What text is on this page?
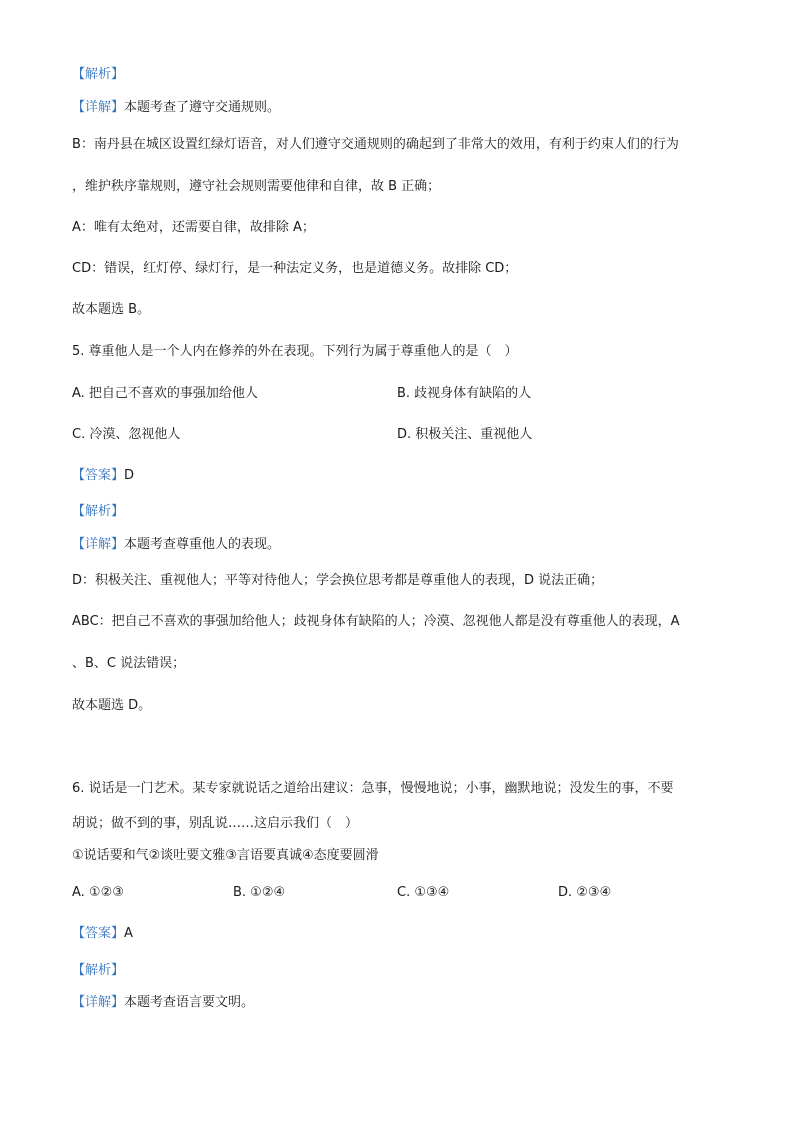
【解析】
【详解】本题考查了遵守交通规则。
B：南丹县在城区设置红绿灯语音，对人们遵守交通规则的确起到了非常大的效用，有利于约束人们的行为
，维护秩序靠规则，遵守社会规则需要他律和自律，故 B 正确；
A：唯有太绝对，还需要自律，故排除 A；
CD：错误，红灯停、绿灯行，是一种法定义务，也是道德义务。故排除 CD；
故本题选 B。
5. 尊重他人是一个人内在修养的外在表现。下列行为属于尊重他人的是（　）
A. 把自己不喜欢的事强加给他人	B. 歧视身体有缺陷的人
C. 冷漠、忽视他人	D. 积极关注、重视他人
【答案】D
【解析】
【详解】本题考查尊重他人的表现。
D：积极关注、重视他人；平等对待他人；学会换位思考都是尊重他人的表现，D 说法正确；
ABC：把自己不喜欢的事强加给他人；歧视身体有缺陷的人；冷漠、忽视他人都是没有尊重他人的表现，A
、B、C 说法错误；
故本题选 D。
6. 说话是一门艺术。某专家就说话之道给出建议：急事，慢慢地说；小事，幽默地说；没发生的事，不要
胡说；做不到的事，别乱说……这启示我们（　）
①说话要和气②谈吐要文雅③言语要真诚④态度要圆滑
A. ①②③	B. ①②④	C. ①③④	D. ②③④
【答案】A
【解析】
【详解】本题考查语言要文明。
